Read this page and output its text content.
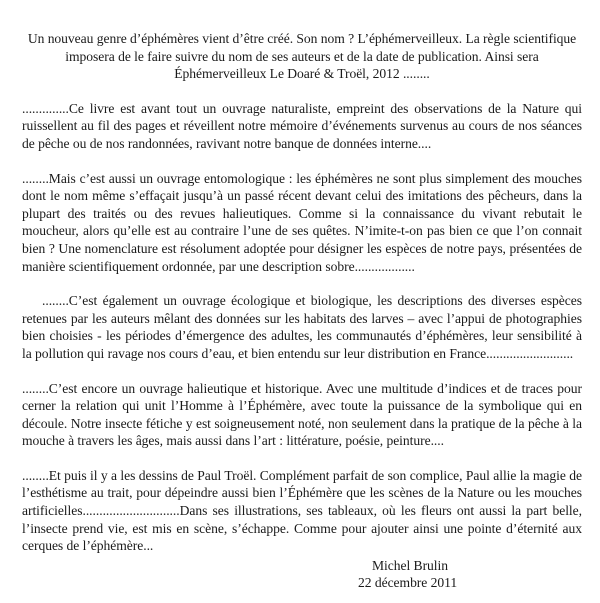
Un nouveau genre d’éphémères vient d’être créé. Son nom ? L’éphémerveilleux. La règle scientifique imposera de le faire suivre du nom de ses auteurs et de la date de publication. Ainsi sera Éphémerveilleux Le Doaré & Troël, 2012 ........

..............Ce livre est avant tout un ouvrage naturaliste, empreint des observations de la Nature qui ruissellent au fil des pages et réveillent notre mémoire d’événements survenus au cours de nos séances de pêche ou de nos randonnées, ravivant notre banque de données interne....

........Mais c’est aussi un ouvrage entomologique : les éphémères ne sont plus simplement des mouches dont le nom même s’effaçait jusqu’à un passé récent devant celui des imitations des pêcheurs, dans la plupart des traités ou des revues halieutiques. Comme si la connaissance du vivant rebutait le moucheur, alors qu’elle est au contraire l’une de ses quêtes. N’imite-t-on pas bien ce que l’on connait bien ? Une nomenclature est résolument adoptée pour désigner les espèces de notre pays, présentées de manière scientifiquement ordonnée, par une description sobre..................

........C’est également un ouvrage écologique et biologique, les descriptions des diverses espèces retenues par les auteurs mêlant des données sur les habitats des larves – avec l’appui de photographies bien choisies - les périodes d’émergence des adultes, les communautés d’éphémères, leur sensibilité à la pollution qui ravage nos cours d’eau, et bien entendu sur leur distribution en France..........................

........C’est encore un ouvrage halieutique et historique. Avec une multitude d’indices et de traces pour cerner la relation qui unit l’Homme à l’Éphémère, avec toute la puissance de la symbolique qui en découle. Notre insecte fétiche y est soigneusement noté, non seulement dans la pratique de la pêche à la mouche à travers les âges, mais aussi dans l’art : littérature, poésie, peinture....

........Et puis il y a les dessins de Paul Troël. Complément parfait de son complice, Paul allie la magie de l’esthétisme au trait, pour dépeindre aussi bien l’Éphémère que les scènes de la Nature ou les mouches artificielles.............................Dans ses illustrations, ses tableaux, où les fleurs ont aussi la part belle, l’insecte prend vie, est mis en scène, s’échappe. Comme pour ajouter ainsi une pointe d’éternité aux cerques de l’éphémère...

Michel Brulin

22 décembre 2011
